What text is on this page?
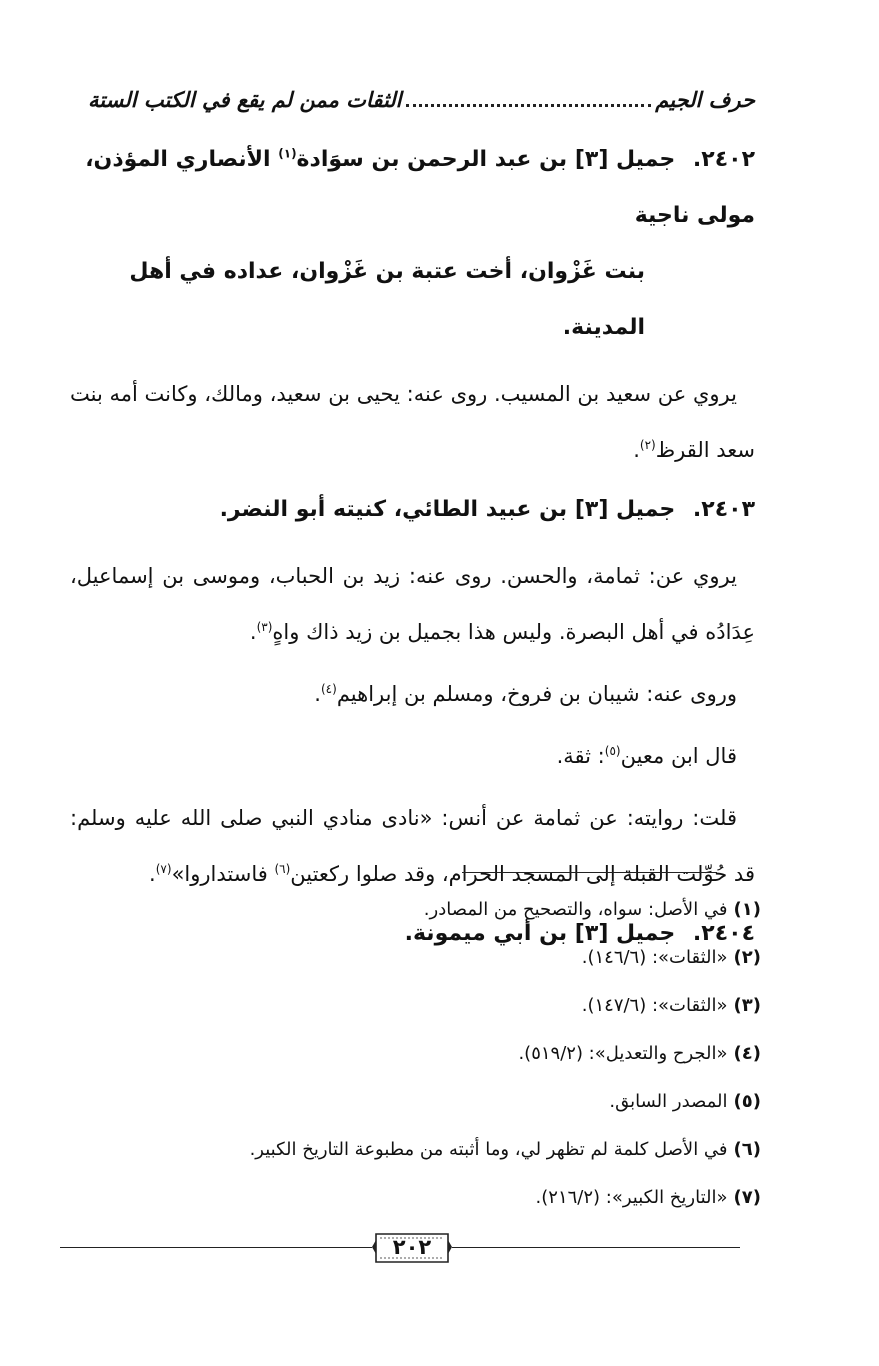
حرف الجيم
الثقات ممن لم يقع في الكتب الستة

٢٤٠٢. جميل [٣] بن عبد الرحمن بن سوَادة$^{(١)}$ الأنصاري المؤذن، مولى ناجية

بنت غَزْوان، أخت عتبة بن غَزْوان، عداده في أهل المدينة.

يروي عن سعيد بن المسيب. روى عنه: يحيى بن سعيد، ومالك، وكانت أمه بنت سعد القرظ$^{(٢)}$.

٢٤٠٣. جميل [٣] بن عبيد الطائي، كنيته أبو النضر.

يروي عن: ثمامة، والحسن. روى عنه: زيد بن الحباب، وموسى بن إسماعيل، عِدَادُه في أهل البصرة. وليس هذا بجميل بن زيد ذاك واهٍ$^{(٣)}$.

وروى عنه: شيبان بن فروخ، ومسلم بن إبراهيم$^{(٤)}$.

قال ابن معين$^{(٥)}$: ثقة.

قلت: روايته: عن ثمامة عن أنس: «نادى منادي النبي صلى الله عليه وسلم: قد حُوِّلت القبلة إلى المسجد الحرام، وقد صلوا ركعتين$^{(٦)}$ فاستداروا»$^{(٧)}$.

٢٤٠٤. جميل [٣] بن أبي ميمونة.

(١)
في الأصل: سواه، والتصحيح من المصادر.

(٢)
«الثقات»: (١٤٦/٦).

(٣)
«الثقات»: (١٤٧/٦).

(٤)
«الجرح والتعديل»: (٥١٩/٢).

(٥)
المصدر السابق.

(٦)
في الأصل كلمة لم تظهر لي، وما أثبته من مطبوعة التاريخ الكبير.

(٧)
«التاريخ الكبير»: (٢١٦/٢).

٢٠٢
